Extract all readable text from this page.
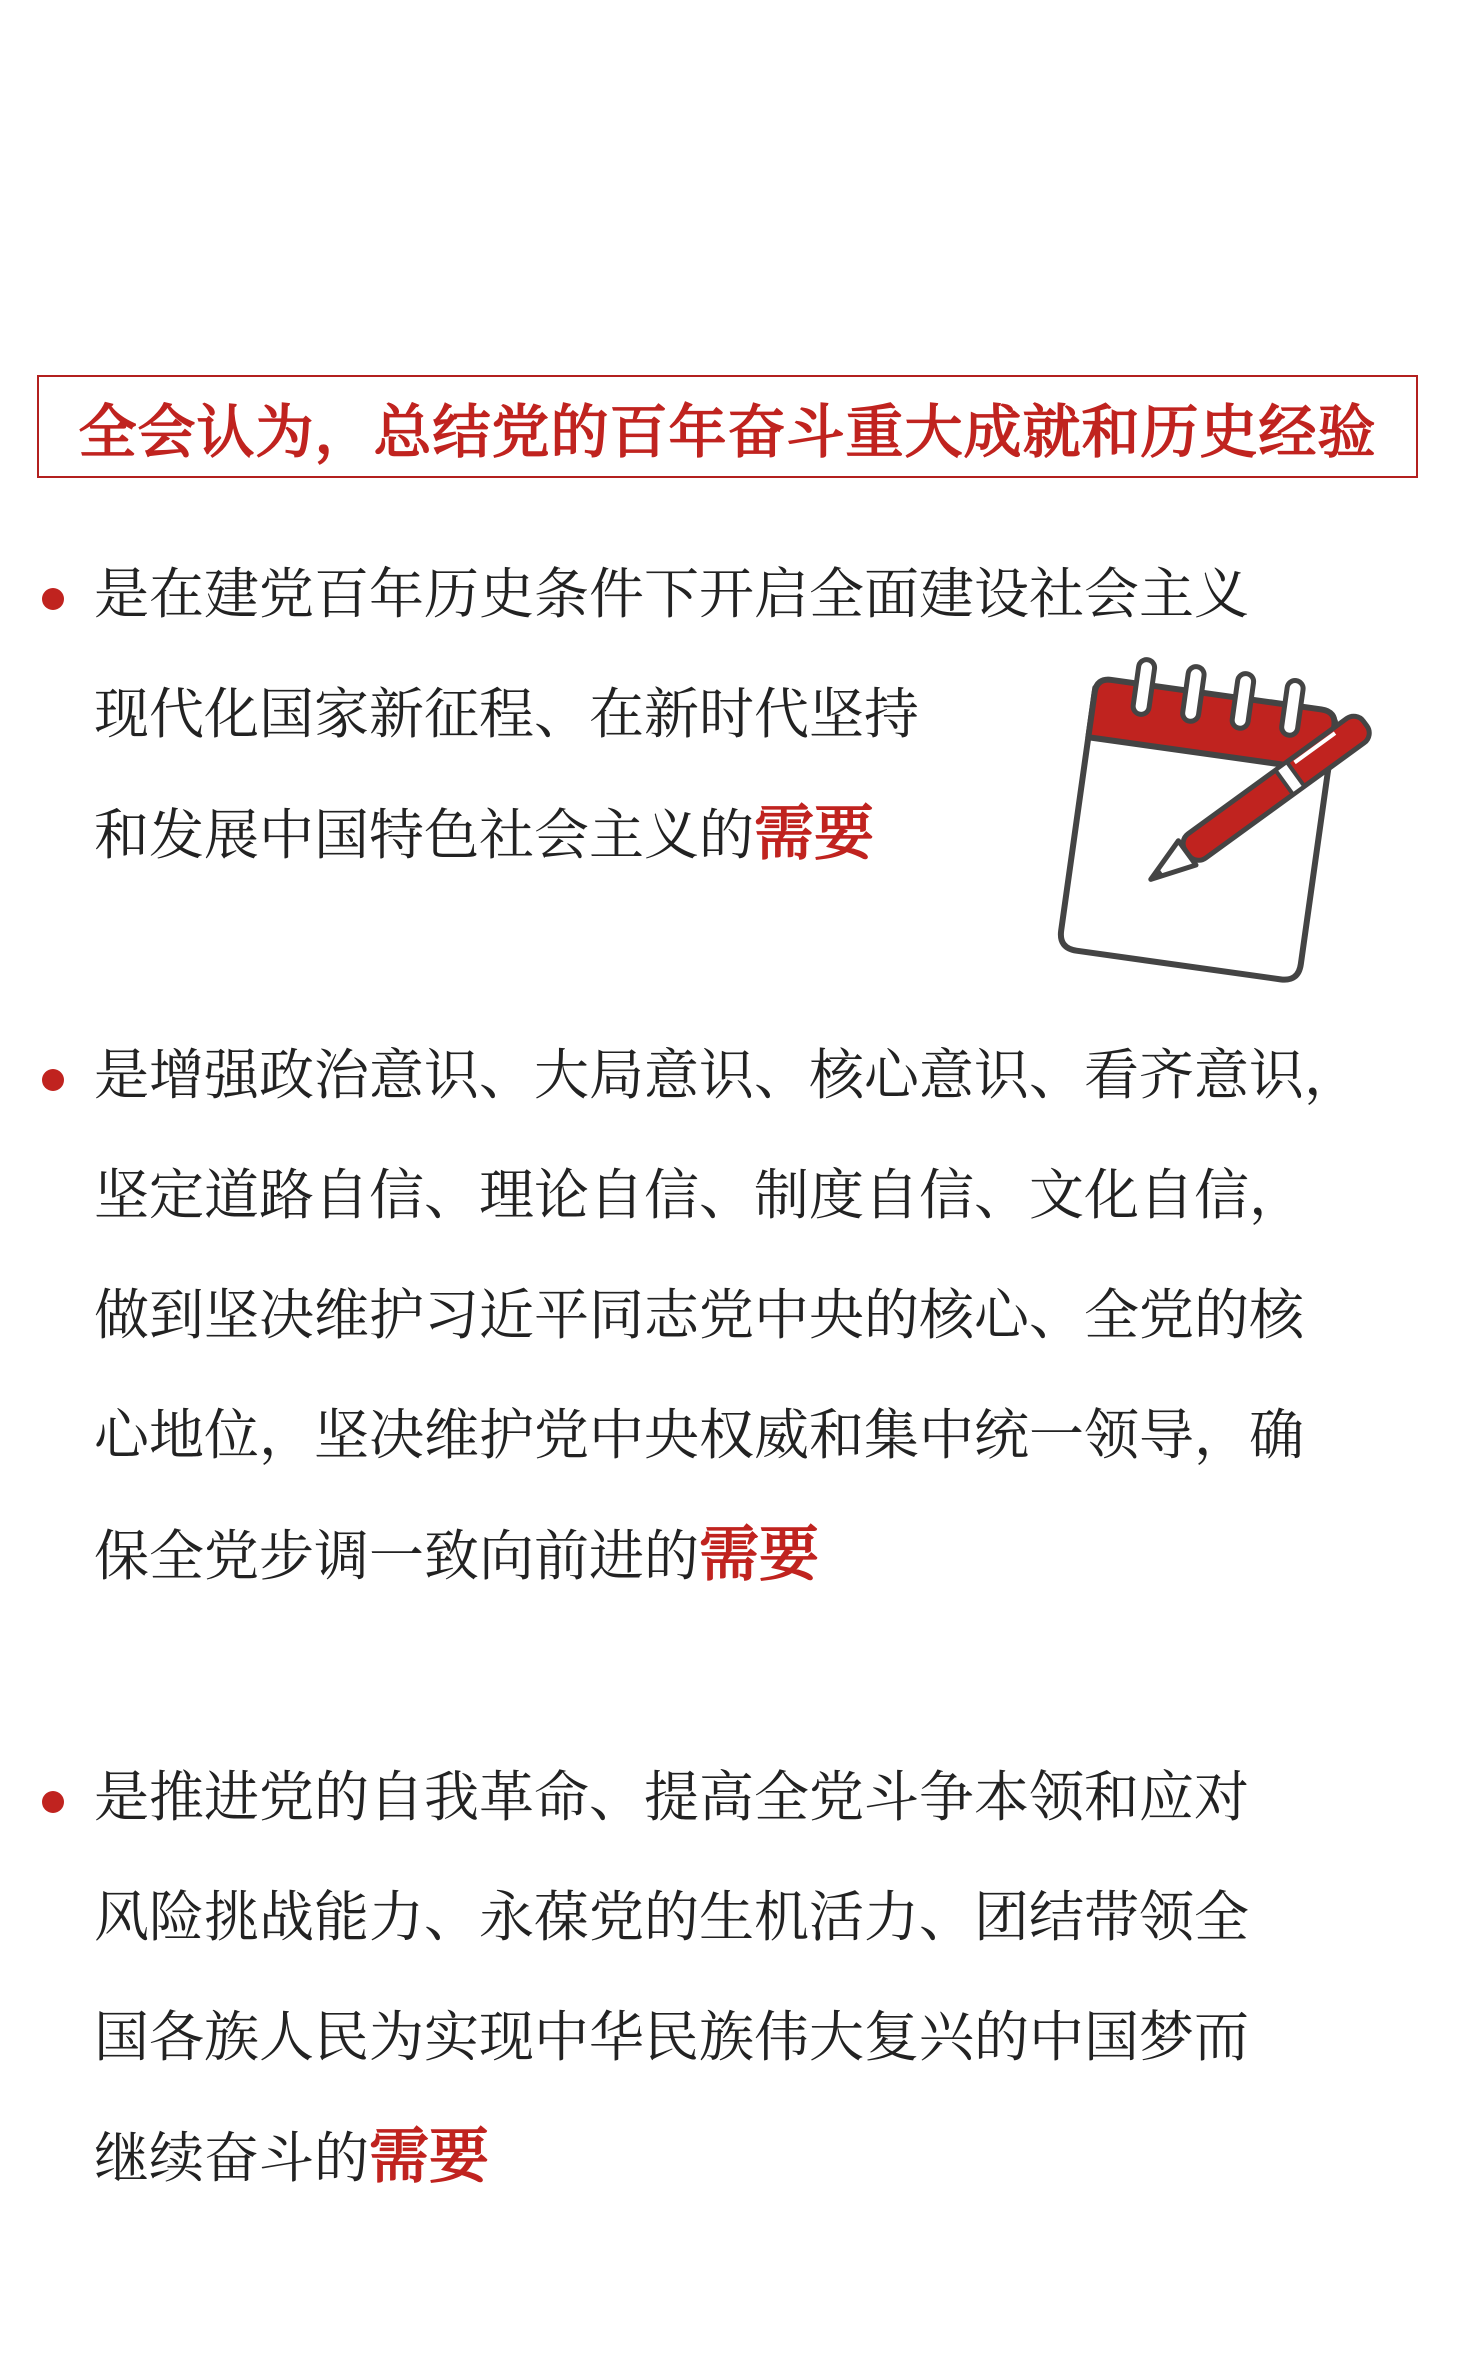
全会认为，总结党的百年奋斗重大成就和历史经验
是在建党百年历史条件下开启全面建设社会主义
现代化国家新征程、在新时代坚持
和发展中国特色社会主义的需要
是增强政治意识、大局意识、核心意识、看齐意识，
坚定道路自信、理论自信、制度自信、文化自信，
做到坚决维护习近平同志党中央的核心、全党的核
心地位，坚决维护党中央权威和集中统一领导，确
保全党步调一致向前进的需要
是推进党的自我革命、提高全党斗争本领和应对
风险挑战能力、永葆党的生机活力、团结带领全
国各族人民为实现中华民族伟大复兴的中国梦而
继续奋斗的需要
